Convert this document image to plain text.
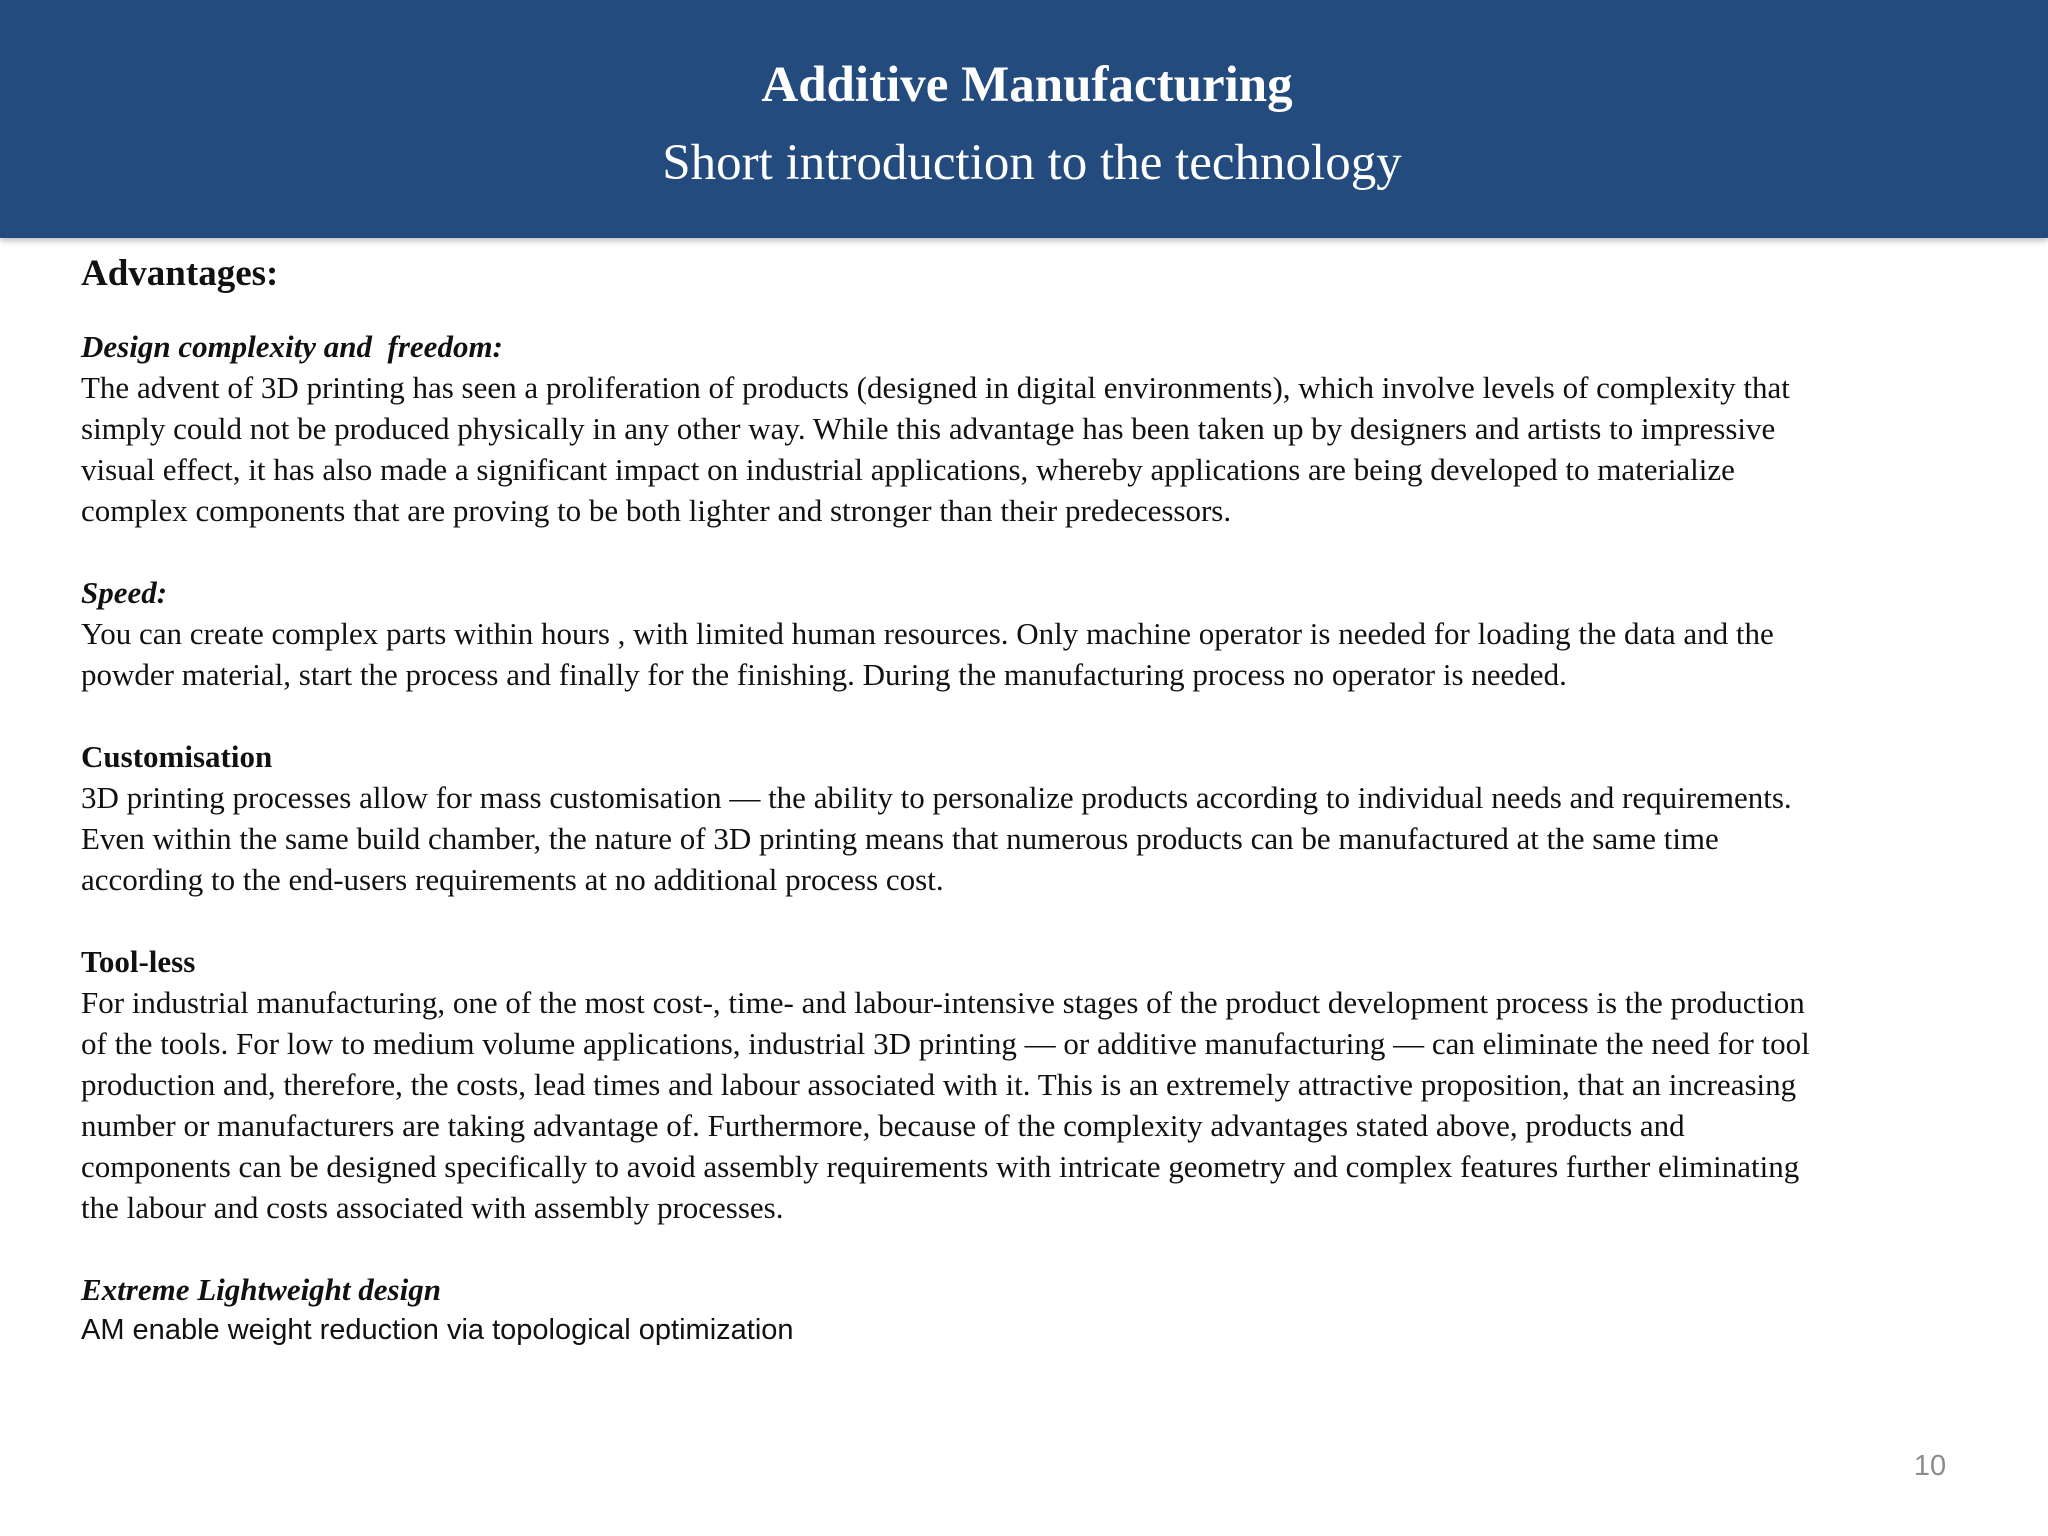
Additive Manufacturing
Short introduction to the technology
Advantages:
Design complexity and  freedom:
The advent of 3D printing has seen a proliferation of products (designed in digital environments), which involve levels of complexity that
simply could not be produced physically in any other way. While this advantage has been taken up by designers and artists to impressive
visual effect, it has also made a significant impact on industrial applications, whereby applications are being developed to materialize
complex components that are proving to be both lighter and stronger than their predecessors.
Speed:
You can create complex parts within hours , with limited human resources. Only machine operator is needed for loading the data and the
powder material, start the process and finally for the finishing. During the manufacturing process no operator is needed.
Customisation
3D printing processes allow for mass customisation — the ability to personalize products according to individual needs and requirements.
Even within the same build chamber, the nature of 3D printing means that numerous products can be manufactured at the same time
according to the end-users requirements at no additional process cost.
Tool-less
For industrial manufacturing, one of the most cost-, time- and labour-intensive stages of the product development process is the production
of the tools. For low to medium volume applications, industrial 3D printing — or additive manufacturing — can eliminate the need for tool
production and, therefore, the costs, lead times and labour associated with it. This is an extremely attractive proposition, that an increasing
number or manufacturers are taking advantage of. Furthermore, because of the complexity advantages stated above, products and
components can be designed specifically to avoid assembly requirements with intricate geometry and complex features further eliminating
the labour and costs associated with assembly processes.
Extreme Lightweight design
AM enable weight reduction via topological optimization
10
